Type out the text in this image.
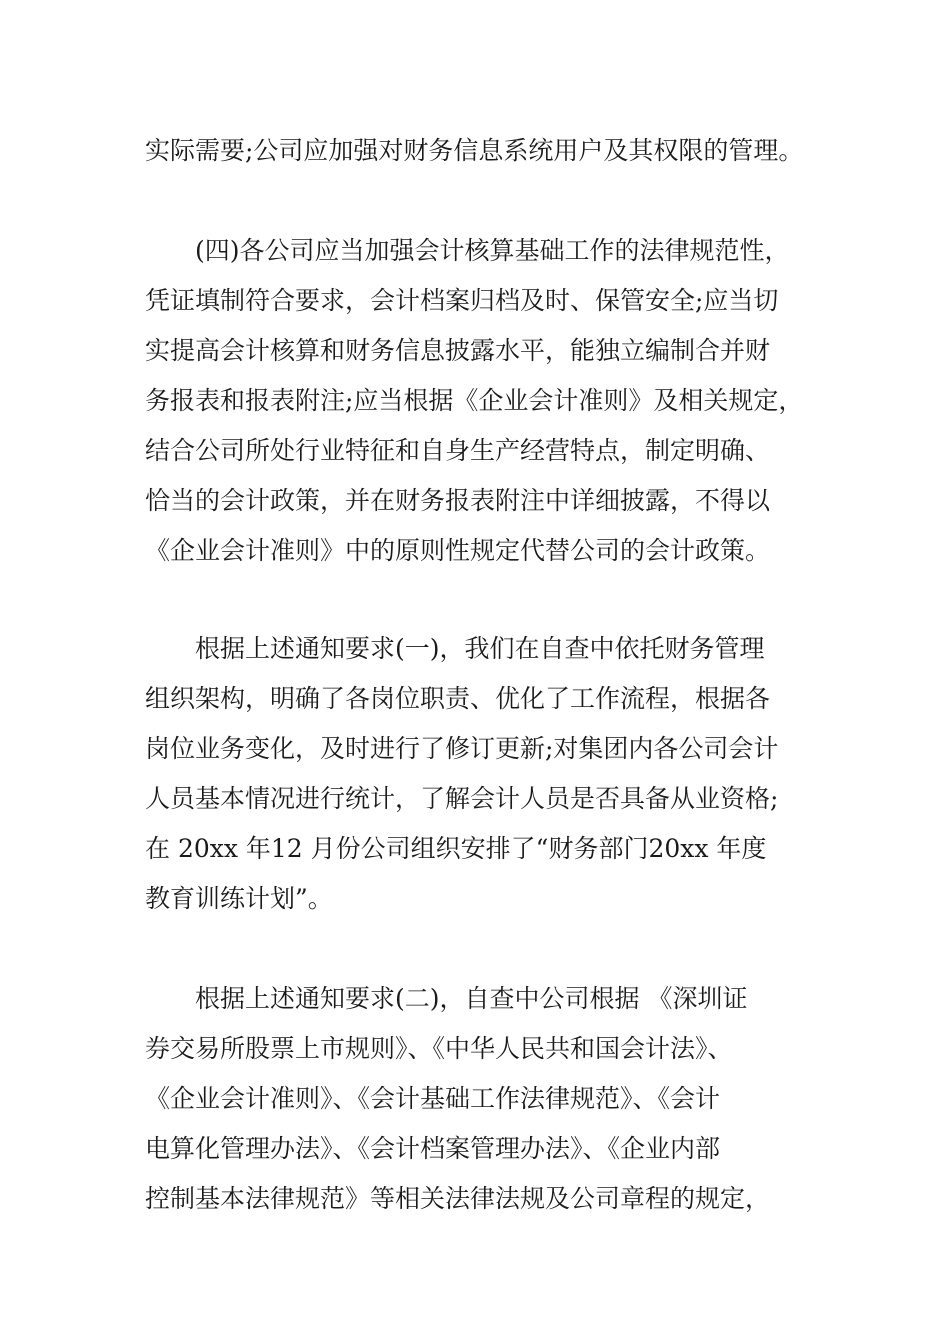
实际需要;公司应加强对财务信息系统用户及其权限的管理。
　　(四)各公司应当加强会计核算基础工作的法律规范性，
凭证填制符合要求，会计档案归档及时、保管安全;应当切
实提高会计核算和财务信息披露水平，能独立编制合并财
务报表和报表附注;应当根据《企业会计准则》及相关规定，
结合公司所处行业特征和自身生产经营特点，制定明确、
恰当的会计政策，并在财务报表附注中详细披露，不得以
《企业会计准则》中的原则性规定代替公司的会计政策。
　　根据上述通知要求(一)，我们在自查中依托财务管理
组织架构，明确了各岗位职责、优化了工作流程，根据各
岗位业务变化，及时进行了修订更新;对集团内各公司会计
人员基本情况进行统计，了解会计人员是否具备从业资格;
在 20xx 年12 月份公司组织安排了“财务部门20xx 年度
教育训练计划”。
　　根据上述通知要求(二)，自查中公司根据 《深圳证
券交易所股票上市规则》、《中华人民共和国会计法》、
《企业会计准则》、《会计基础工作法律规范》、《会计
电算化管理办法》、《会计档案管理办法》、《企业内部
控制基本法律规范》等相关法律法规及公司章程的规定，
